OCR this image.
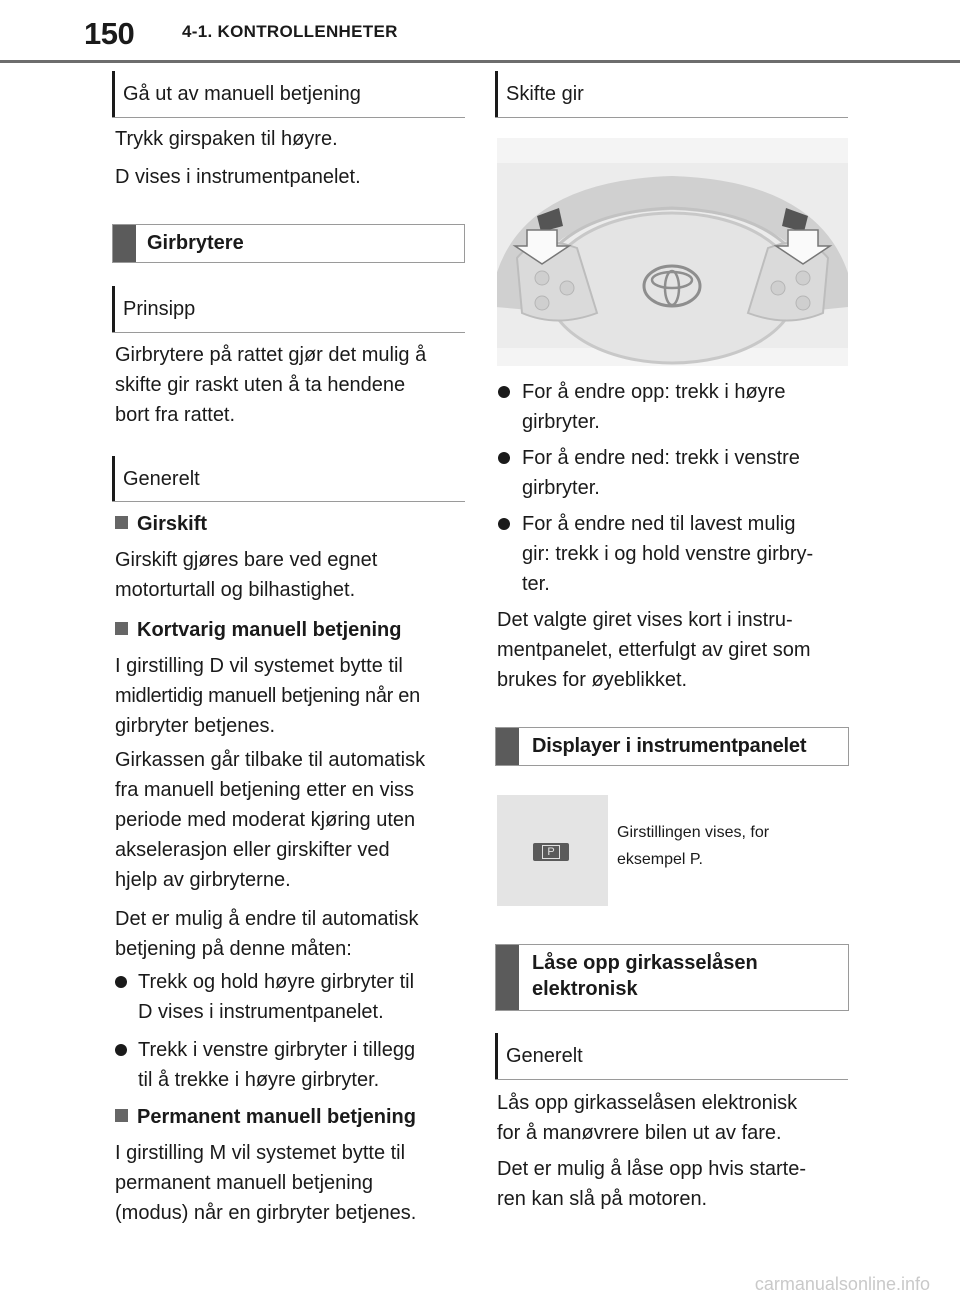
150	4-1. KONTROLLENHETER
Gå ut av manuell betjening
Trykk girspaken til høyre.
D vises i instrumentpanelet.
Girbrytere
Prinsipp
Girbrytere på rattet gjør det mulig å
skifte gir raskt uten å ta hendene
bort fra rattet.
Generelt
Girskift
Girskift gjøres bare ved egnet
motorturtall og bilhastighet.
Kortvarig manuell betjening
I girstilling D vil systemet bytte til
midlertidig manuell betjening når en
girbryter betjenes.
Girkassen går tilbake til automatisk
fra manuell betjening etter en viss
periode med moderat kjøring uten
akselerasjon eller girskifter ved
hjelp av girbryterne.
Det er mulig å endre til automatisk
betjening på denne måten:
Trekk og hold høyre girbryter til
D vises i instrumentpanelet.
Trekk i venstre girbryter i tillegg
til å trekke i høyre girbryter.
Permanent manuell betjening
I girstilling M vil systemet bytte til
permanent manuell betjening
(modus) når en girbryter betjenes.
Skifte gir
For å endre opp: trekk i høyre
girbryter.
For å endre ned: trekk i venstre
girbryter.
For å endre ned til lavest mulig
gir: trekk i og hold venstre girbry-
ter.
Det valgte giret vises kort i instru-
mentpanelet, etterfulgt av giret som
brukes for øyeblikket.
Displayer i instrumentpanelet
P
Girstillingen vises, for
eksempel P.
Låse opp girkasselåsen
elektronisk
Generelt
Lås opp girkasselåsen elektronisk
for å manøvrere bilen ut av fare.
Det er mulig å låse opp hvis starte-
ren kan slå på motoren.
carmanualsonline.info
